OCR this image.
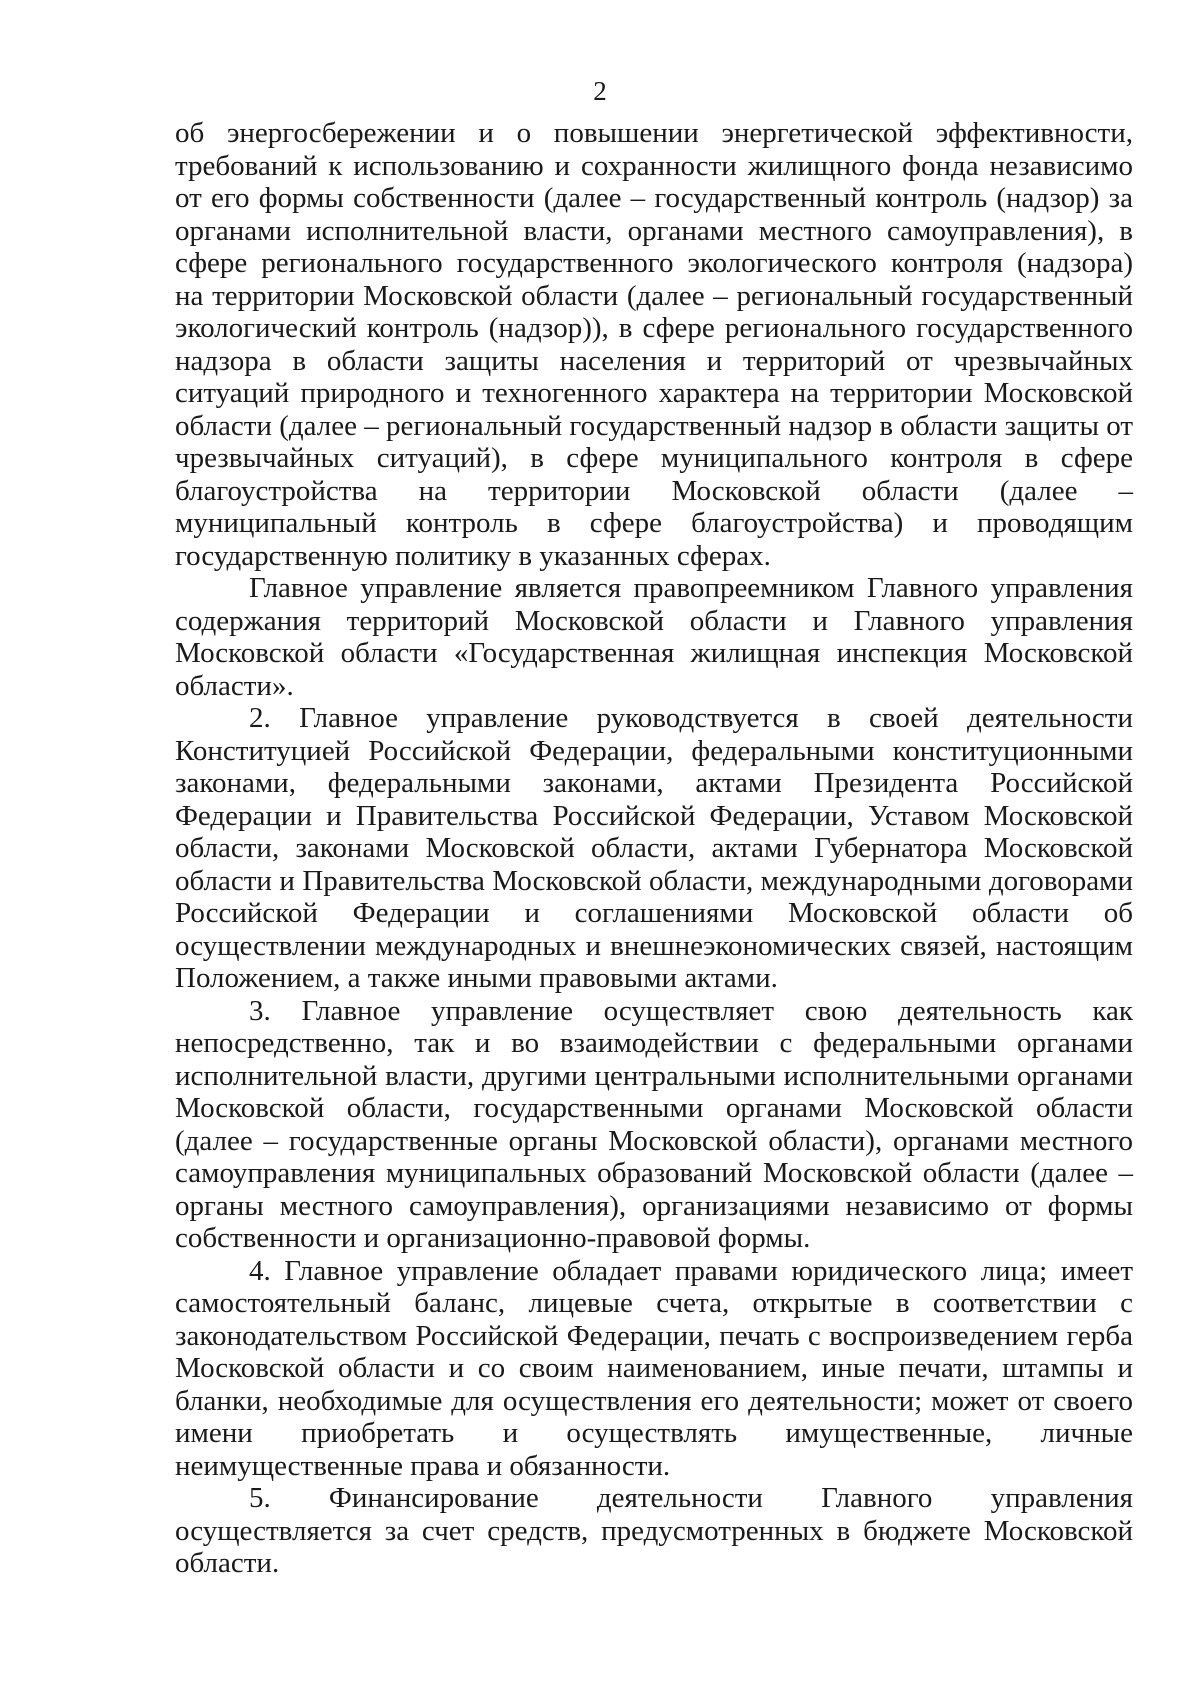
2

об энергосбережении и о повышении энергетической эффективности, требований к использованию и сохранности жилищного фонда независимо от его формы собственности (далее – государственный контроль (надзор) за органами исполнительной власти, органами местного самоуправления), в сфере регионального государственного экологического контроля (надзора) на территории Московской области (далее – региональный государственный экологический контроль (надзор)), в сфере регионального государственного надзора в области защиты населения и территорий от чрезвычайных ситуаций природного и техногенного характера на территории Московской области (далее – региональный государственный надзор в области защиты от чрезвычайных ситуаций), в сфере муниципального контроля в сфере благоустройства на территории Московской области (далее – муниципальный контроль в сфере благоустройства) и проводящим государственную политику в указанных сферах.

Главное управление является правопреемником Главного управления содержания территорий Московской области и Главного управления Московской области «Государственная жилищная инспекция Московской области».

2. Главное управление руководствуется в своей деятельности Конституцией Российской Федерации, федеральными конституционными законами, федеральными законами, актами Президента Российской Федерации и Правительства Российской Федерации, Уставом Московской области, законами Московской области, актами Губернатора Московской области и Правительства Московской области, международными договорами Российской Федерации и соглашениями Московской области об осуществлении международных и внешнеэкономических связей, настоящим Положением, а также иными правовыми актами.

3. Главное управление осуществляет свою деятельность как непосредственно, так и во взаимодействии с федеральными органами исполнительной власти, другими центральными исполнительными органами Московской области, государственными органами Московской области (далее – государственные органы Московской области), органами местного самоуправления муниципальных образований Московской области (далее – органы местного самоуправления), организациями независимо от формы собственности и организационно-правовой формы.

4. Главное управление обладает правами юридического лица; имеет самостоятельный баланс, лицевые счета, открытые в соответствии с законодательством Российской Федерации, печать с воспроизведением герба Московской области и со своим наименованием, иные печати, штампы и бланки, необходимые для осуществления его деятельности; может от своего имени приобретать и осуществлять имущественные, личные неимущественные права и обязанности.

5. Финансирование деятельности Главного управления осуществляется за счет средств, предусмотренных в бюджете Московской области.
